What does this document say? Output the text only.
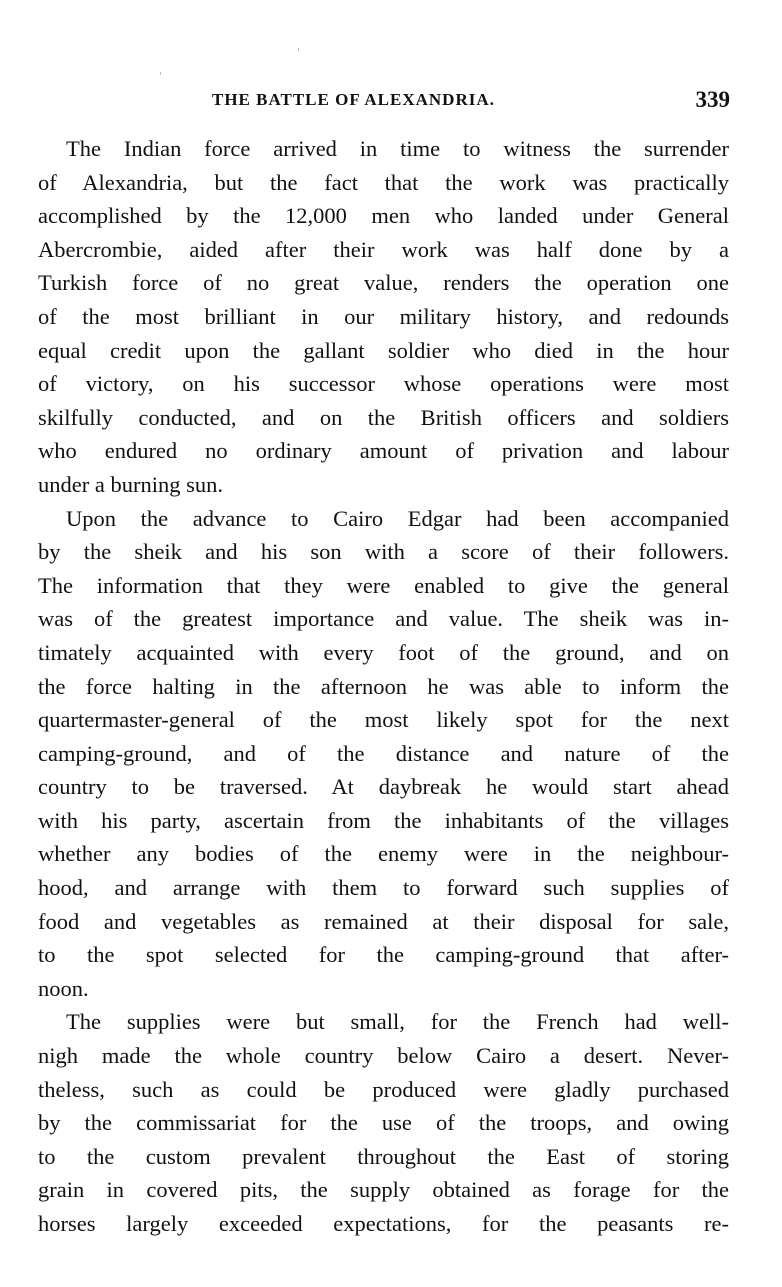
THE BATTLE OF ALEXANDRIA.	339
The Indian force arrived in time to witness the surrender
of Alexandria, but the fact that the work was practically
accomplished by the 12,000 men who landed under General
Abercrombie, aided after their work was half done by a
Turkish force of no great value, renders the operation one
of the most brilliant in our military history, and redounds
equal credit upon the gallant soldier who died in the hour
of victory, on his successor whose operations were most
skilfully conducted, and on the British officers and soldiers
who endured no ordinary amount of privation and labour
under a burning sun.
Upon the advance to Cairo Edgar had been accompanied
by the sheik and his son with a score of their followers.
The information that they were enabled to give the general
was of the greatest importance and value. The sheik was in-
timately acquainted with every foot of the ground, and on
the force halting in the afternoon he was able to inform the
quartermaster-general of the most likely spot for the next
camping-ground, and of the distance and nature of the
country to be traversed. At daybreak he would start ahead
with his party, ascertain from the inhabitants of the villages
whether any bodies of the enemy were in the neighbour-
hood, and arrange with them to forward such supplies of
food and vegetables as remained at their disposal for sale,
to the spot selected for the camping-ground that after-
noon.
The supplies were but small, for the French had well-
nigh made the whole country below Cairo a desert. Never-
theless, such as could be produced were gladly purchased
by the commissariat for the use of the troops, and owing
to the custom prevalent throughout the East of storing
grain in covered pits, the supply obtained as forage for the
horses largely exceeded expectations, for the peasants re-
